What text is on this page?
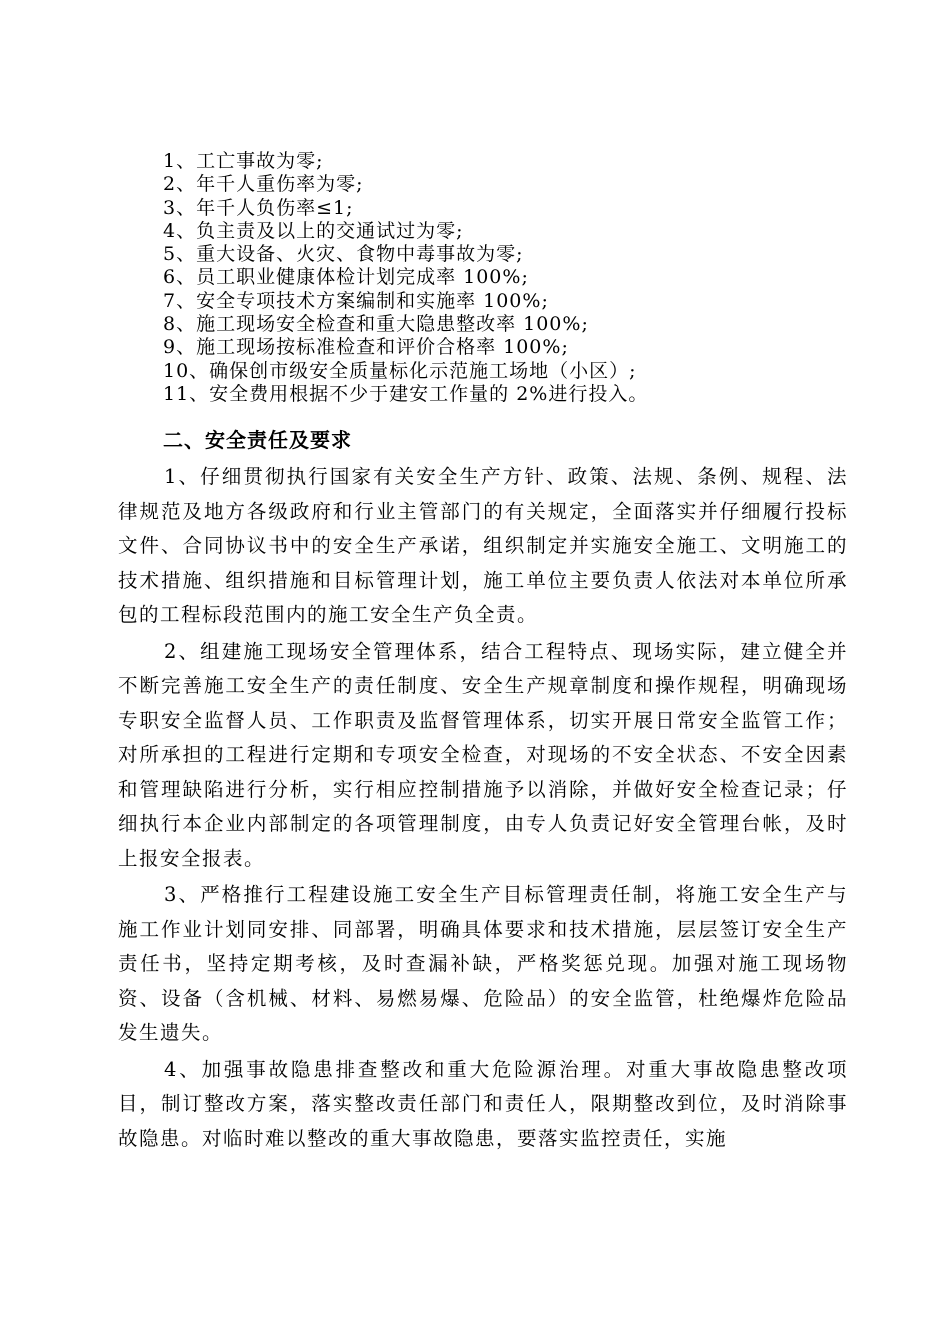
1、工亡事故为零;
2、年千人重伤率为零;
3、年千人负伤率≤1;
4、负主责及以上的交通试过为零;
5、重大设备、火灾、食物中毒事故为零;
6、员工职业健康体检计划完成率 100%;
7、安全专项技术方案编制和实施率 100%;
8、施工现场安全检查和重大隐患整改率 100%;
9、施工现场按标准检查和评价合格率 100%;
10、确保创市级安全质量标化示范施工场地（小区）;
11、安全费用根据不少于建安工作量的 2%进行投入。
二、安全责任及要求

1、仔细贯彻执行国家有关安全生产方针、政策、法规、条例、规程、法律规范及地方各级政府和行业主管部门的有关规定，全面落实并仔细履行投标文件、合同协议书中的安全生产承诺，组织制定并实施安全施工、文明施工的技术措施、组织措施和目标管理计划，施工单位主要负责人依法对本单位所承包的工程标段范围内的施工安全生产负全责。

2、组建施工现场安全管理体系，结合工程特点、现场实际，建立健全并不断完善施工安全生产的责任制度、安全生产规章制度和操作规程，明确现场专职安全监督人员、工作职责及监督管理体系，切实开展日常安全监管工作；对所承担的工程进行定期和专项安全检查，对现场的不安全状态、不安全因素和管理缺陷进行分析，实行相应控制措施予以消除，并做好安全检查记录；仔细执行本企业内部制定的各项管理制度，由专人负责记好安全管理台帐，及时上报安全报表。

3、严格推行工程建设施工安全生产目标管理责任制，将施工安全生产与施工作业计划同安排、同部署，明确具体要求和技术措施，层层签订安全生产责任书，坚持定期考核，及时查漏补缺，严格奖惩兑现。加强对施工现场物资、设备（含机械、材料、易燃易爆、危险品）的安全监管，杜绝爆炸危险品发生遗失。

4、加强事故隐患排查整改和重大危险源治理。对重大事故隐患整改项目，制订整改方案，落实整改责任部门和责任人，限期整改到位，及时消除事故隐患。对临时难以整改的重大事故隐患，要落实监控责任，实施
